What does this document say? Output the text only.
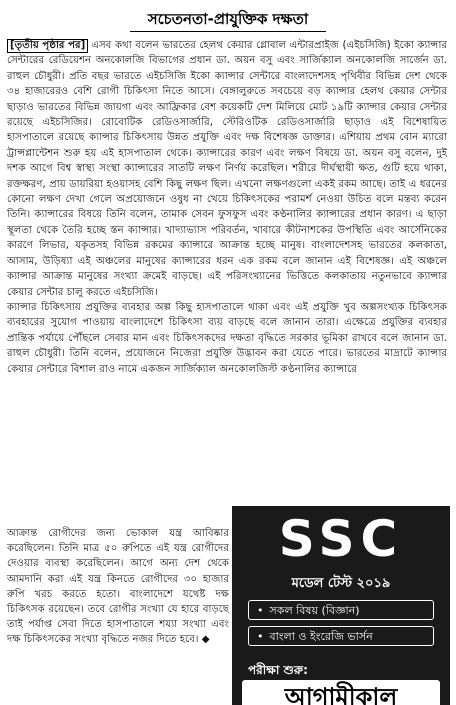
সচেতনতা-প্রাযুক্তিক দক্ষতা

[তৃতীয় পৃষ্ঠার পর] এসব কথা বলেন ভারতের হেলথ কেয়ার গ্লোবাল এন্টারপ্রাইজ (এইচসিজি) ইকো ক্যান্সার সেন্টারের রেডিয়েশন অনকোলজি বিভাগের প্রধান ডা. অয়ন বসু এবং সার্জিক্যাল অনকোলজি সার্জেন ডা. রাহুল চৌধুরী। প্রতি বছর ভারতে এইচসিজি ইকো ক্যান্সার সেন্টারে বাংলাদেশসহ পৃথিবীর বিভিন্ন দেশ থেকে ৩৪ হাজারেরও বেশি রোগী চিকিৎসা নিতে আসে। বেঙ্গালুরুতে সবচেয়ে বড় ক্যান্সার হেলথ কেয়ার সেন্টার ছাড়াও ভারতের বিভিন্ন জায়গা এবং আফ্রিকার বেশ কয়েকটি দেশ মিলিয়ে মোট ১৯টি ক্যান্সার কেয়ার সেন্টার রয়েছে এইচসিজির। রোবোটিক রেডিওসার্জারি, স্টেরিওটিক রেডিওসার্জারি ছাড়াও এই বিশেষায়িত হাসপাতালে রয়েছে ক্যান্সার চিকিৎসায় উন্নত প্রযুক্তি এবং দক্ষ বিশেষজ্ঞ ডাক্তার। এশিয়ায় প্রথম বোন ম্যারো ট্রান্সপ্লান্টেশন শুরু হয় এই হাসপাতাল থেকে। ক্যান্সারের কারণ এবং লক্ষণ বিষয়ে ডা. অয়ন বসু বলেন, দুই দশক আগে বিশ্ব স্বাস্থ্য সংস্থা ক্যান্সারের সাতটি লক্ষণ নির্ণয় করেছিল। শরীরে দীর্ঘস্থায়ী ক্ষত, গুটি হয়ে থাকা, রক্তক্ষরণ, প্রায় ডায়রিয়া হওয়াসহ বেশি কিছু লক্ষণ ছিল। এখনো লক্ষণগুলো একই রকম আছে। তাই এ ধরনের কোনো লক্ষণ দেখা গেলে অপ্রয়োজনে ওষুধ না খেয়ে চিকিৎসকের পরামর্শ নেওয়া উচিত বলে মন্তব্য করেন তিনি। ক্যান্সারের বিষয়ে তিনি বলেন, তামাক সেবন ফুসফুস এবং কণ্ঠনালির ক্যান্সারের প্রধান কারণ। এ ছাড়া স্থূলতা থেকে তৈরি হচ্ছে স্তন ক্যান্সার। খাদ্যাভ্যাস পরিবর্তন, খাবারে কীটনাশকের উপস্থিতি এবং আর্সেনিকের কারণে লিভার, যকৃতসহ বিভিন্ন রকমের ক্যান্সারে আক্রান্ত হচ্ছে মানুষ। বাংলাদেশসহ ভারতের কলকাতা, আসাম, উড়িষ্যা এই অঞ্চলের মানুষের ক্যান্সারের ধরন এক রকম বলে জানান এই বিশেষজ্ঞ। এই অঞ্চলে ক্যান্সার আক্রান্ত মানুষের সংখ্যা ক্রমেই বাড়ছে। এই পরিসংখ্যানের ভিত্তিতে কলকাতায় নতুনভাবে ক্যান্সার কেয়ার সেন্টার চালু করতে এইচসিজি।

ক্যান্সার চিকিৎসায় প্রযুক্তির ব্যবহার অল্প কিছু হাসপাতালে থাকা এবং এই প্রযুক্তি খুব অল্পসংখ্যক চিকিৎসক ব্যবহারের সুযোগ পাওয়ায় বাংলাদেশে চিকিৎসা ব্যয় বাড়ছে বলে জানান তারা। এক্ষেত্রে প্রযুক্তির ব্যবহার প্রান্তিক পর্যায়ে পৌঁছলে সেবার মান এবং চিকিৎসকদের দক্ষতা বৃদ্ধিতে সরকার ভূমিকা রাখবে বলে জানান ডা. রাহুল চৌধুরী। তিনি বলেন, প্রয়োজনে নিজেরা প্রযুক্তি উদ্ভাবন করা যেতে পারে। ভারতের মাদ্রাটে ক্যান্সার কেয়ার সেন্টারে বিশাল রাও নামে একজন সার্জিক্যাল অনকোলজিস্ট কণ্ঠনালির ক্যান্সারে

আক্রান্ত রোগীদের জন্য ভোকাল যন্ত্র আবিষ্কার করেছিলেন। তিনি মাত্র ৫০ রুপিতে এই যন্ত্র রোগীদের দেওয়ার ব্যবস্থা করেছিলেন। আগে অন্য দেশ থেকে আমদানি করা এই যন্ত্র কিনতে রোগীদের ৩০ হাজার রুপি খরচ করতে হতো। বাংলাদেশে যথেষ্ট দক্ষ চিকিৎসক রয়েছেন। তবে রোগীর সংখ্যা যে হারে বাড়ছে তাই পর্যাপ্ত সেবা দিতে হাসপাতালে শয্যা সংখ্যা এবং দক্ষ চিকিৎসকের সংখ্যা বৃদ্ধিতে নজর দিতে হবে। ◆
SSC
মডেল টেস্ট ২০১৯
• সকল বিষয় (বিজ্ঞান)
• বাংলা ও ইংরেজি ভার্সন
পরীক্ষা শুরু:
আগামীকাল
